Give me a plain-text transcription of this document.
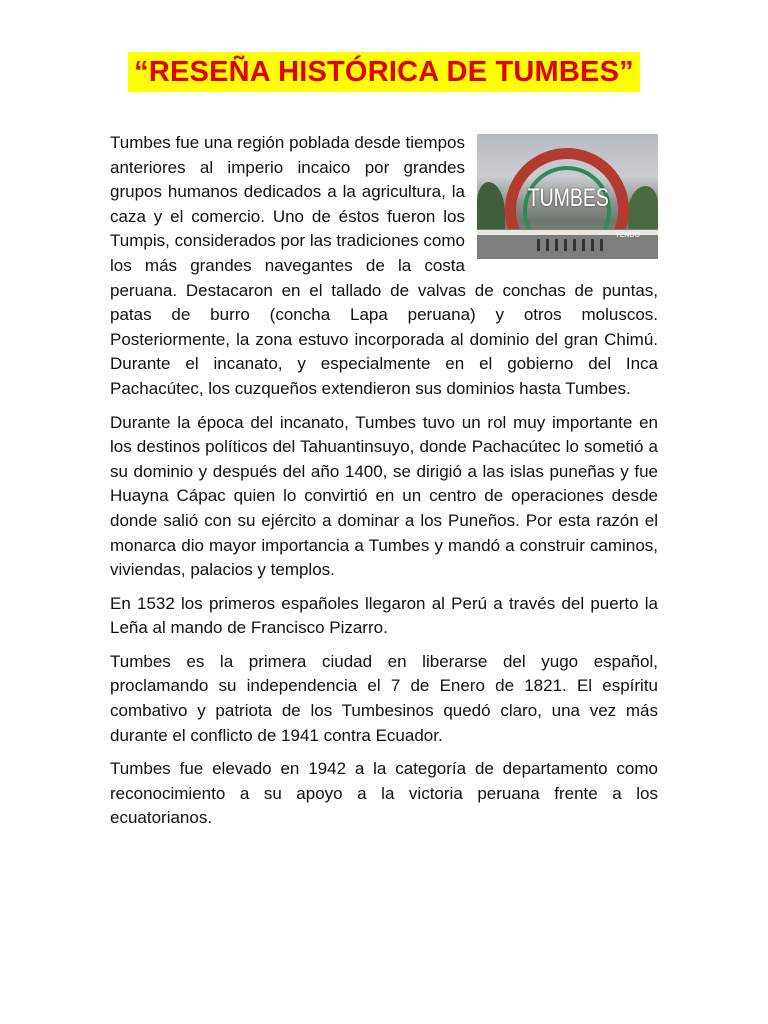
“RESEÑA HISTÓRICA DE TUMBES”
TUMBES
YENDO

Tumbes fue una región poblada desde tiempos anteriores al imperio incaico por grandes grupos humanos dedicados a la agricultura, la caza y el comercio. Uno de éstos fueron los Tumpis, considerados por las tradiciones como los más grandes navegantes de la costa peruana. Destacaron en el tallado de valvas de conchas de puntas, patas de burro (concha Lapa peruana) y otros moluscos. Posteriormente, la zona estuvo incorporada al dominio del gran Chimú. Durante el incanato, y especialmente en el gobierno del Inca Pachacútec, los cuzqueños extendieron sus dominios hasta Tumbes.

Durante la época del incanato, Tumbes tuvo un rol muy importante en los destinos políticos del Tahuantinsuyo, donde Pachacútec lo sometió a su dominio y después del año 1400, se dirigió a las islas puneñas y fue Huayna Cápac quien lo convirtió en un centro de operaciones desde donde salió con su ejército a dominar a los Puneños. Por esta razón el monarca dio mayor importancia a Tumbes y mandó a construir caminos, viviendas, palacios y templos.

En 1532 los primeros españoles llegaron al Perú a través del puerto la Leña al mando de Francisco Pizarro.

Tumbes es la primera ciudad en liberarse del yugo español, proclamando su independencia el 7 de Enero de 1821. El espíritu combativo y patriota de los Tumbesinos quedó claro, una vez más durante el conflicto de 1941 contra Ecuador.

Tumbes fue elevado en 1942 a la categoría de departamento como reconocimiento a su apoyo a la victoria peruana frente a los ecuatorianos.
